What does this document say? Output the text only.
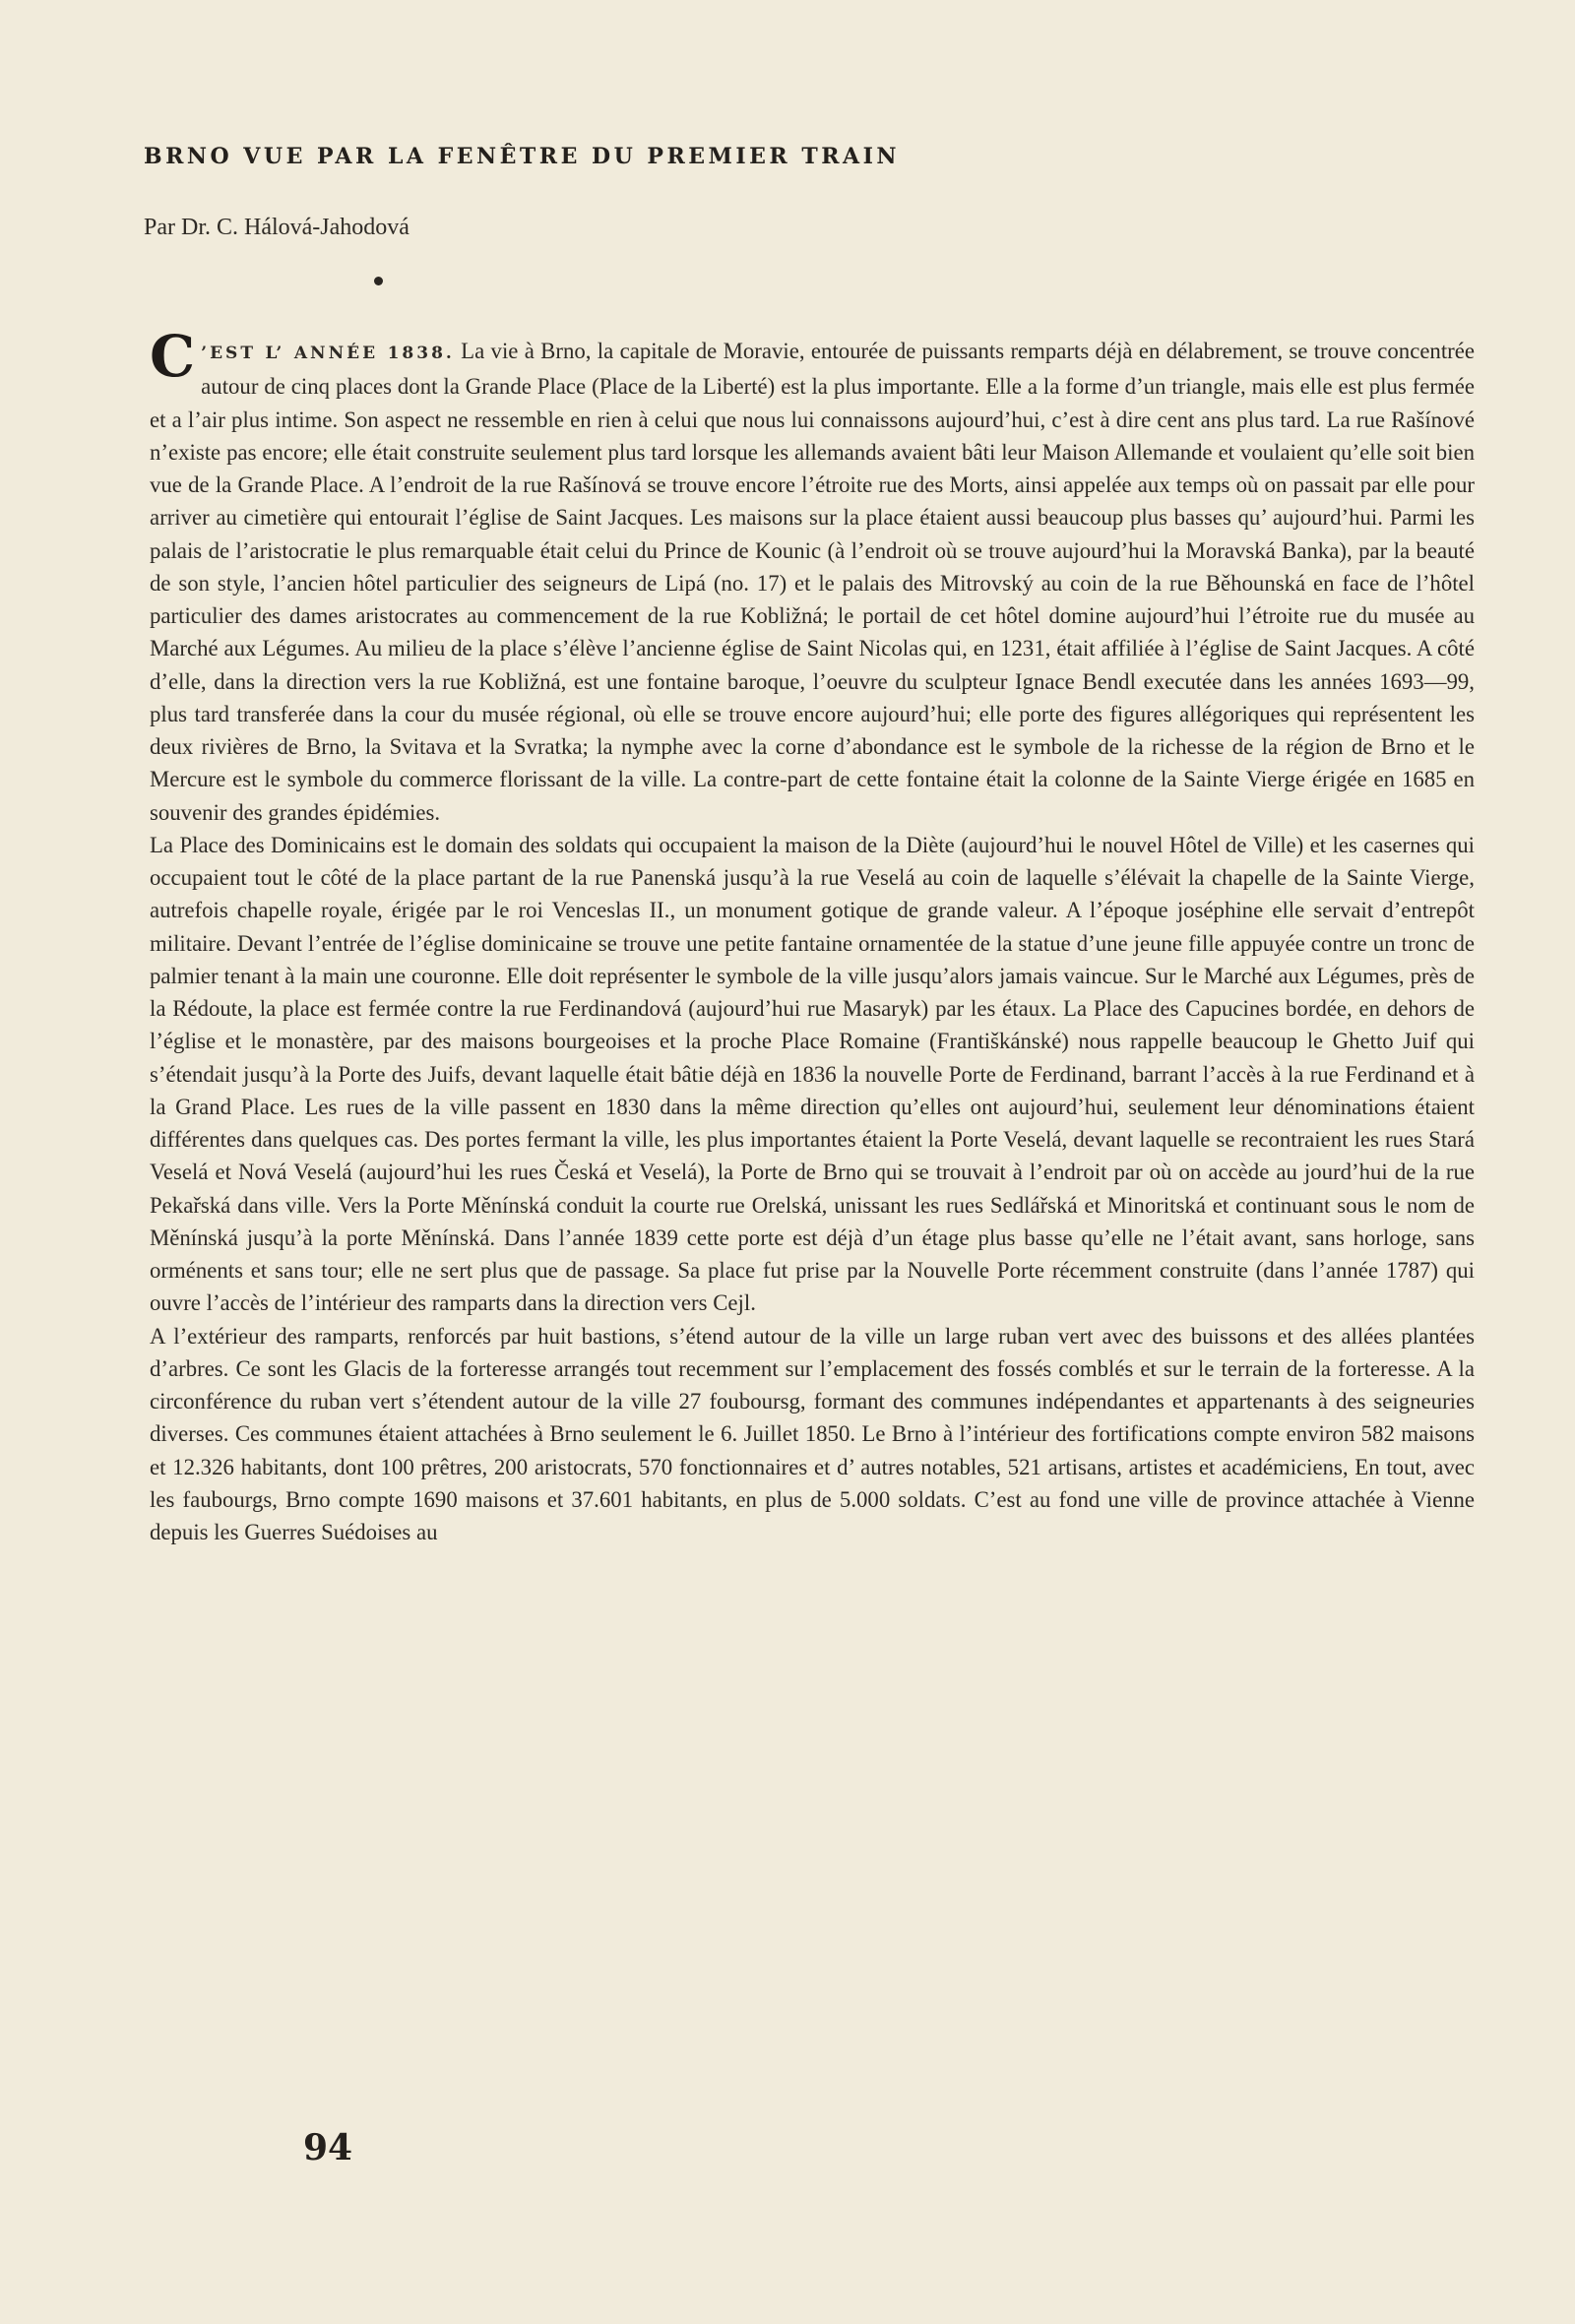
BRNO VUE PAR LA FENÊTRE DU PREMIER TRAIN

Par Dr. C. Hálová-Jahodová

C ’EST L’ ANNÉE 1838. La vie à Brno, la capitale de Moravie, entourée de puissants remparts déjà en délabrement, se trouve concentrée autour de cinq places dont la Grande Place (Place de la Liberté) est la plus importante. Elle a la forme d’un triangle, mais elle est plus fermée et a l’air plus intime. Son aspect ne ressemble en rien à celui que nous lui connaissons aujourd’hui, c’est à dire cent ans plus tard. La rue Rašínové n’existe pas encore; elle était construite seulement plus tard lorsque les allemands avaient bâti leur Maison Allemande et voulaient qu’elle soit bien vue de la Grande Place. A l’endroit de la rue Rašínová se trouve encore l’étroite rue des Morts, ainsi appelée aux temps où on passait par elle pour arriver au cimetière qui entourait l’église de Saint Jacques. Les maisons sur la place étaient aussi beaucoup plus basses qu’ aujourd’hui. Parmi les palais de l’aristocratie le plus remarquable était celui du Prince de Kounic (à l’endroit où se trouve aujourd’hui la Moravská Banka), par la beauté de son style, l’ancien hôtel particulier des seigneurs de Lipá (no. 17) et le palais des Mitrovský au coin de la rue Běhounská en face de l’hôtel particulier des dames aristocrates au commencement de la rue Kobližná; le portail de cet hôtel domine aujourd’hui l’étroite rue du musée au Marché aux Légumes. Au milieu de la place s’élève l’ancienne église de Saint Nicolas qui, en 1231, était affiliée à l’église de Saint Jacques. A côté d’elle, dans la direction vers la rue Kobližná, est une fontaine baroque, l’oeuvre du sculpteur Ignace Bendl executée dans les années 1693—99, plus tard transferée dans la cour du musée régional, où elle se trouve encore aujourd’hui; elle porte des figures allégoriques qui représentent les deux rivières de Brno, la Svitava et la Svratka; la nymphe avec la corne d’abondance est le symbole de la richesse de la région de Brno et le Mercure est le symbole du commerce florissant de la ville. La contre-part de cette fontaine était la colonne de la Sainte Vierge érigée en 1685 en souvenir des grandes épidémies.

La Place des Dominicains est le domain des soldats qui occupaient la maison de la Diète (aujourd’hui le nouvel Hôtel de Ville) et les casernes qui occupaient tout le côté de la place partant de la rue Panenská jusqu’à la rue Veselá au coin de laquelle s’élévait la chapelle de la Sainte Vierge, autrefois chapelle royale, érigée par le roi Venceslas II., un monument gotique de grande valeur. A l’époque joséphine elle servait d’entrepôt militaire. Devant l’entrée de l’église dominicaine se trouve une petite fantaine ornamentée de la statue d’une jeune fille appuyée contre un tronc de palmier tenant à la main une couronne. Elle doit représenter le symbole de la ville jusqu’alors jamais vaincue. Sur le Marché aux Légumes, près de la Rédoute, la place est fermée contre la rue Ferdinandová (aujourd’hui rue Masaryk) par les étaux. La Place des Capucines bordée, en dehors de l’église et le monastère, par des maisons bourgeoises et la proche Place Romaine (Františkánské) nous rappelle beaucoup le Ghetto Juif qui s’étendait jusqu’à la Porte des Juifs, devant laquelle était bâtie déjà en 1836 la nouvelle Porte de Ferdinand, barrant l’accès à la rue Ferdinand et à la Grand Place. Les rues de la ville passent en 1830 dans la même direction qu’elles ont aujourd’hui, seulement leur dénominations étaient différentes dans quelques cas. Des portes fermant la ville, les plus importantes étaient la Porte Veselá, devant laquelle se recontraient les rues Stará Veselá et Nová Veselá (aujourd’hui les rues Česká et Veselá), la Porte de Brno qui se trouvait à l’endroit par où on accède au jourd’hui de la rue Pekařská dans ville. Vers la Porte Měnínská conduit la courte rue Orelská, unissant les rues Sedlářská et Minoritská et continuant sous le nom de Měnínská jusqu’à la porte Měnínská. Dans l’année 1839 cette porte est déjà d’un étage plus basse qu’elle ne l’était avant, sans horloge, sans orménents et sans tour; elle ne sert plus que de passage. Sa place fut prise par la Nouvelle Porte récemment construite (dans l’année 1787) qui ouvre l’accès de l’intérieur des ramparts dans la direction vers Cejl.

A l’extérieur des ramparts, renforcés par huit bastions, s’étend autour de la ville un large ruban vert avec des buissons et des allées plantées d’arbres. Ce sont les Glacis de la forteresse arrangés tout recemment sur l’emplacement des fossés comblés et sur le terrain de la forteresse. A la circonférence du ruban vert s’étendent autour de la ville 27 fouboursg, formant des communes indépendantes et appartenants à des seigneuries diverses. Ces communes étaient attachées à Brno seulement le 6. Juillet 1850. Le Brno à l’intérieur des fortifications compte environ 582 maisons et 12.326 habitants, dont 100 prêtres, 200 aristocrats, 570 fonctionnaires et d’ autres notables, 521 artisans, artistes et académiciens, En tout, avec les faubourgs, Brno compte 1690 maisons et 37.601 habitants, en plus de 5.000 soldats. C’est au fond une ville de province attachée à Vienne depuis les Guerres Suédoises au

94
